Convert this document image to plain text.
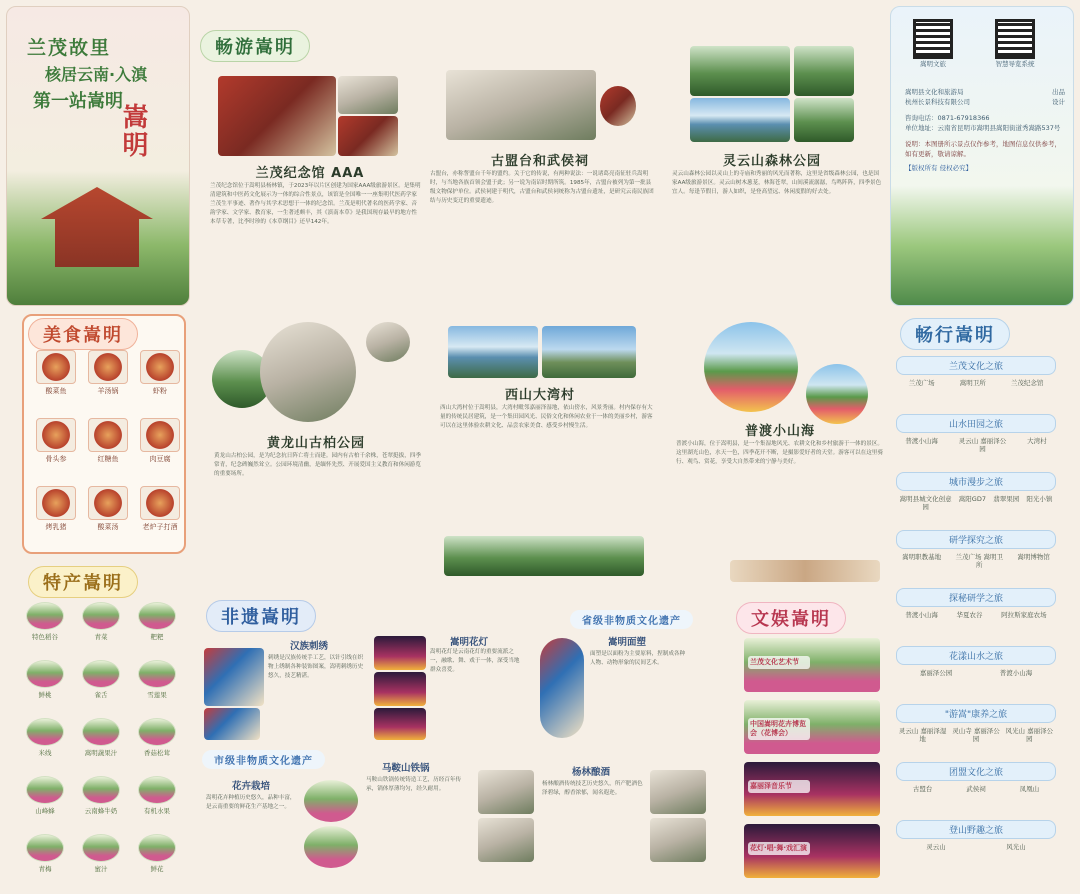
兰茂故里
核居云南·入滇
第一站嵩明
嵩明
酸菜鱼	羊汤锅	虾粉
骨头参	红糖鱼	肉豆腐
烤乳猪	酸菜汤	老炉子打酒
美食嵩明
特产嵩明
特色稻谷	青菜	粑粑
鲜桃	雀舌	雪莲果
米线	嵩明蔬果汁	香菇松茸
山峰蜂	云南蜂牛奶	有机水果
青梅	蜜汁	鲜花
畅游嵩明
兰茂纪念馆 AAA
兰茂纪念馆位于嵩明县杨林镇，于2023年以片区创建为国家AAA级旅游景区。是集明清建筑和中医药文化展示为一体的综合性景点，该馆是全国唯一一座集明代医药学家兰茂生平事迹、著作与其学术思想于一体的纪念馆。兰茂是明代著名的医药学家、音韵学家、文学家、教育家，一生著述颇丰，其《滇南本草》是我国现存最早的地方性本草专著，比李时珍的《本草纲目》还早142年。
古盟台和武侯祠
古盟台，亦称誓盟台千年的盟约。关于它的传说，有两种说法：一说诸葛亮南征驻兵嵩明时，与当地各族首领会盟于此；另一说为南诏时期所筑。1985年，古盟台被列为第一批县级文物保护单位。武侯祠建于明代，古盟台和武侯祠统称为古盟台遗址，是研究云南民族团结与历史变迁的重要遗迹。
灵云山森林公园
灵云山森林公园以灵山上的寺庙和秀丽的风光而著称，这里是省级森林公园，也是国家AA级旅游景区。灵云山树木葱茏，林海苍翠，山间溪流潺潺，鸟鸣阵阵，四季景色宜人。每逢节假日，游人如织，是登高望远、休闲度假的好去处。
西山大湾村
西山大湾村位于嵩明县，大湾村毗邻嘉丽泽湿地，依山傍水，风景秀丽。村内保存有大量的传统民居建筑，是一个集田园风光、民俗文化和休闲农业于一体的美丽乡村，游客可以在这里体验农耕文化、品尝农家美食、感受乡村慢生活。
黄龙山古柏公园
黄龙山古柏公园，是为纪念抗日阵亡将士而建。园内有古柏千余株，苍翠挺拔，四季常青，纪念碑巍然耸立。公园环境清幽，是缅怀先烈、开展爱国主义教育和休闲游览的重要场所。
普渡小山海
普渡小山海，位于嵩明县，是一个集湿地风光、农耕文化和乡村旅游于一体的景区。这里湖光山色，水天一色，四季花开不断，是摄影爱好者的天堂。游客可以在这里骑行、观鸟、赏花，享受大自然带来的宁静与美好。
非遗嵩明	省级非物质文化遗产
市级非物质文化遗产
汉族刺绣
刺绣是汉族传统手工艺，以针引线在织物上绣制各种装饰图案，嵩明刺绣历史悠久，技艺精湛。
嵩明花灯
嵩明花灯是云南花灯的重要流派之一，融歌、舞、戏于一体，深受当地群众喜爱。
嵩明面塑
面塑是以面粉为主要原料，捏制成各种人物、动物形象的民间艺术。
花卉栽培
嵩明花卉种植历史悠久，品种丰富，是云南重要的鲜花生产基地之一。
马鞍山铁锅
马鞍山铁锅传统铸造工艺，历经百年传承，锅体厚薄均匀，经久耐用。
杨林酿酒
杨林酿酒传统技艺历史悠久，所产肥酒色泽碧绿，醇香浓郁，闻名遐迩。
文娱嵩明
兰茂文化艺术节
中国嵩明花卉博览会（花博会）
嘉丽泽音乐节
花灯·唱·舞·戏汇演
嵩明文旅	智慧导览系统
嵩明县文化和旅游局　	出品
杭州长景科技有限公司　	设计
咨询电话：0871-67918366
单位地址：云南省昆明市嵩明县嵩阳街道秀嵩路537号
说明：本图册所示景点仅作参考，地图信息仅供参考，如有更新，敬请谅解。
【版权所有 侵权必究】
畅行嵩明
兰茂文化之旅
兰茂广场	嵩明卫所	兰茂纪念馆
山水田园之旅
普渡小山海	灵云山 嘉丽泽公园
大湾村
城市漫步之旅
嵩明县城文化创意园
嵩阳GD7 翡翠果园 阳光小镇
研学探究之旅
嵩明职教基地	兰茂广场 嵩明卫所
嵩明博物馆
探秘研学之旅
普渡小山海	华夏农谷	阿拉斯家庭农场
花漾山水之旅
嘉丽泽公园	普渡小山海
"游嵩"康养之旅
灵云山 嘉丽泽湿地
灵山寺 嘉丽泽公园
风光山 嘉丽泽公园
团盟文化之旅
古盟台	武侯祠	凤凰山
登山野趣之旅
灵云山	风光山
